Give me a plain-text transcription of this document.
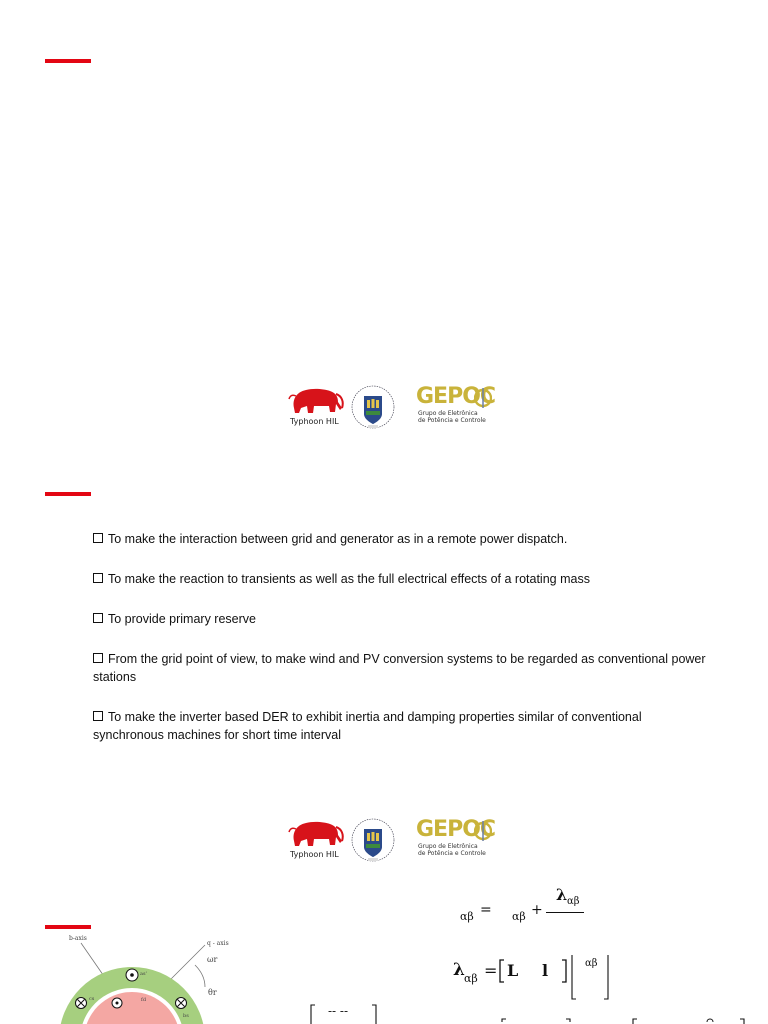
Typhoon HIL
GEPOC
Grupo de Eletrônica
de Potência e Controle
To make the interaction between grid and generator as in a remote power dispatch.
To make the reaction to transients as well as the full electrical effects of a rotating mass
To provide primary reserve
From the grid point of view, to make wind and PV conversion systems to be regarded as conventional power stations
To make the inverter based DER to exhibit inertia and damping properties similar of conventional synchronous machines for short time interval
Typhoon HIL
GEPOC
Grupo de Eletrônica
de Potência e Controle
αβ = αβ +
λ αβ
λ αβ = L l	αβ
-- --
b-axis
q - axis
ωr
θr
as'
cs	fd
bs
